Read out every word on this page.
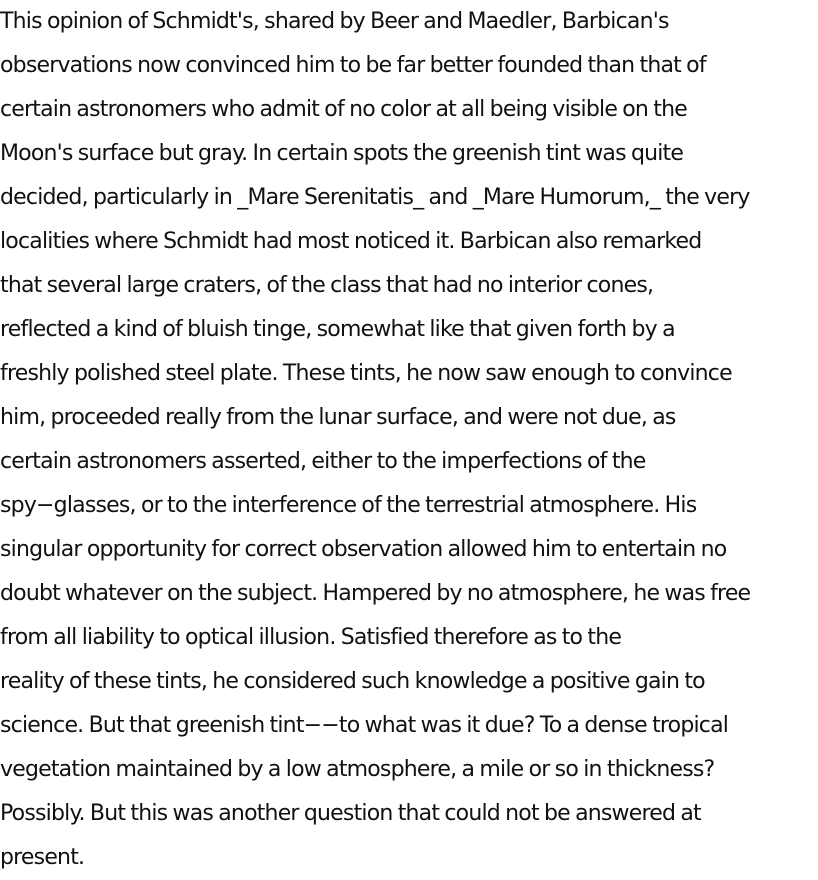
This opinion of Schmidt's, shared by Beer and Maedler, Barbican's
observations now convinced him to be far better founded than that of
certain astronomers who admit of no color at all being visible on the
Moon's surface but gray. In certain spots the greenish tint was quite
decided, particularly in _Mare Serenitatis_ and _Mare Humorum,_ the very
localities where Schmidt had most noticed it. Barbican also remarked
that several large craters, of the class that had no interior cones,
reflected a kind of bluish tinge, somewhat like that given forth by a
freshly polished steel plate. These tints, he now saw enough to convince
him, proceeded really from the lunar surface, and were not due, as
certain astronomers asserted, either to the imperfections of the
spy−glasses, or to the interference of the terrestrial atmosphere. His
singular opportunity for correct observation allowed him to entertain no
doubt whatever on the subject. Hampered by no atmosphere, he was free
from all liability to optical illusion. Satisfied therefore as to the
reality of these tints, he considered such knowledge a positive gain to
science. But that greenish tint−−to what was it due? To a dense tropical
vegetation maintained by a low atmosphere, a mile or so in thickness?
Possibly. But this was another question that could not be answered at
present.
